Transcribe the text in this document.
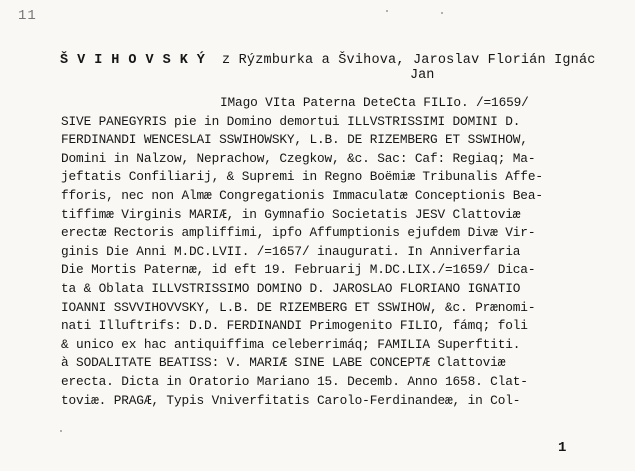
11
ŠVIHOVSKÝ z Rýzmburka a Švihova, Jaroslav Florián Ignác
Jan
IMago VIta Paterna DeteCta FILIo. /=1659/
SIVE PANEGYRIS pie in Domino demortui ILLVSTRISSIMI DOMINI D.
FERDINANDI WENCESLAI SSWIHOWSKY, L.B. DE RIZEMBERG ET SSWIHOW,
Domini in Nalzow, Neprachow, Czegkow, &c. Sac: Caf: Regiaq; Ma-
jeftatis Confiliarij, & Supremi in Regno Boëmiæ Tribunalis Affe-
fforis, nec non Almæ Congregationis Immaculatæ Conceptionis Bea-
tiffimæ Virginis MARIÆ, in Gymnafio Societatis JESV Clattoviæ
erectæ Rectoris ampliffimi, ipfo Affumptionis ejufdem Divæ Vir-
ginis Die Anni M.DC.LVII. /=1657/ inaugurati. In Anniverfaria
Die Mortis Paternæ, id eft 19. Februarij M.DC.LIX./=1659/ Dica-
ta & Oblata ILLVSTRISSIMO DOMINO D. JAROSLAO FLORIANO IGNATIO
IOANNI SSVVIHOVVSKY, L.B. DE RIZEMBERG ET SSWIHOW, &c. Prænomi-
nati Illuftrifs: D.D. FERDINANDI Primogenito FILIO, fámq; foli
& unico ex hac antiquiffima celeberrimáq; FAMILIA Superftiti.
à SODALITATE BEATISS: V. MARIÆ SINE LABE CONCEPTÆ Clattoviæ
erecta. Dicta in Oratorio Mariano 15. Decemb. Anno 1658. Clat-
toviæ. PRAGÆ, Typis Vniverfitatis Carolo-Ferdinandeæ, in Col-
1
